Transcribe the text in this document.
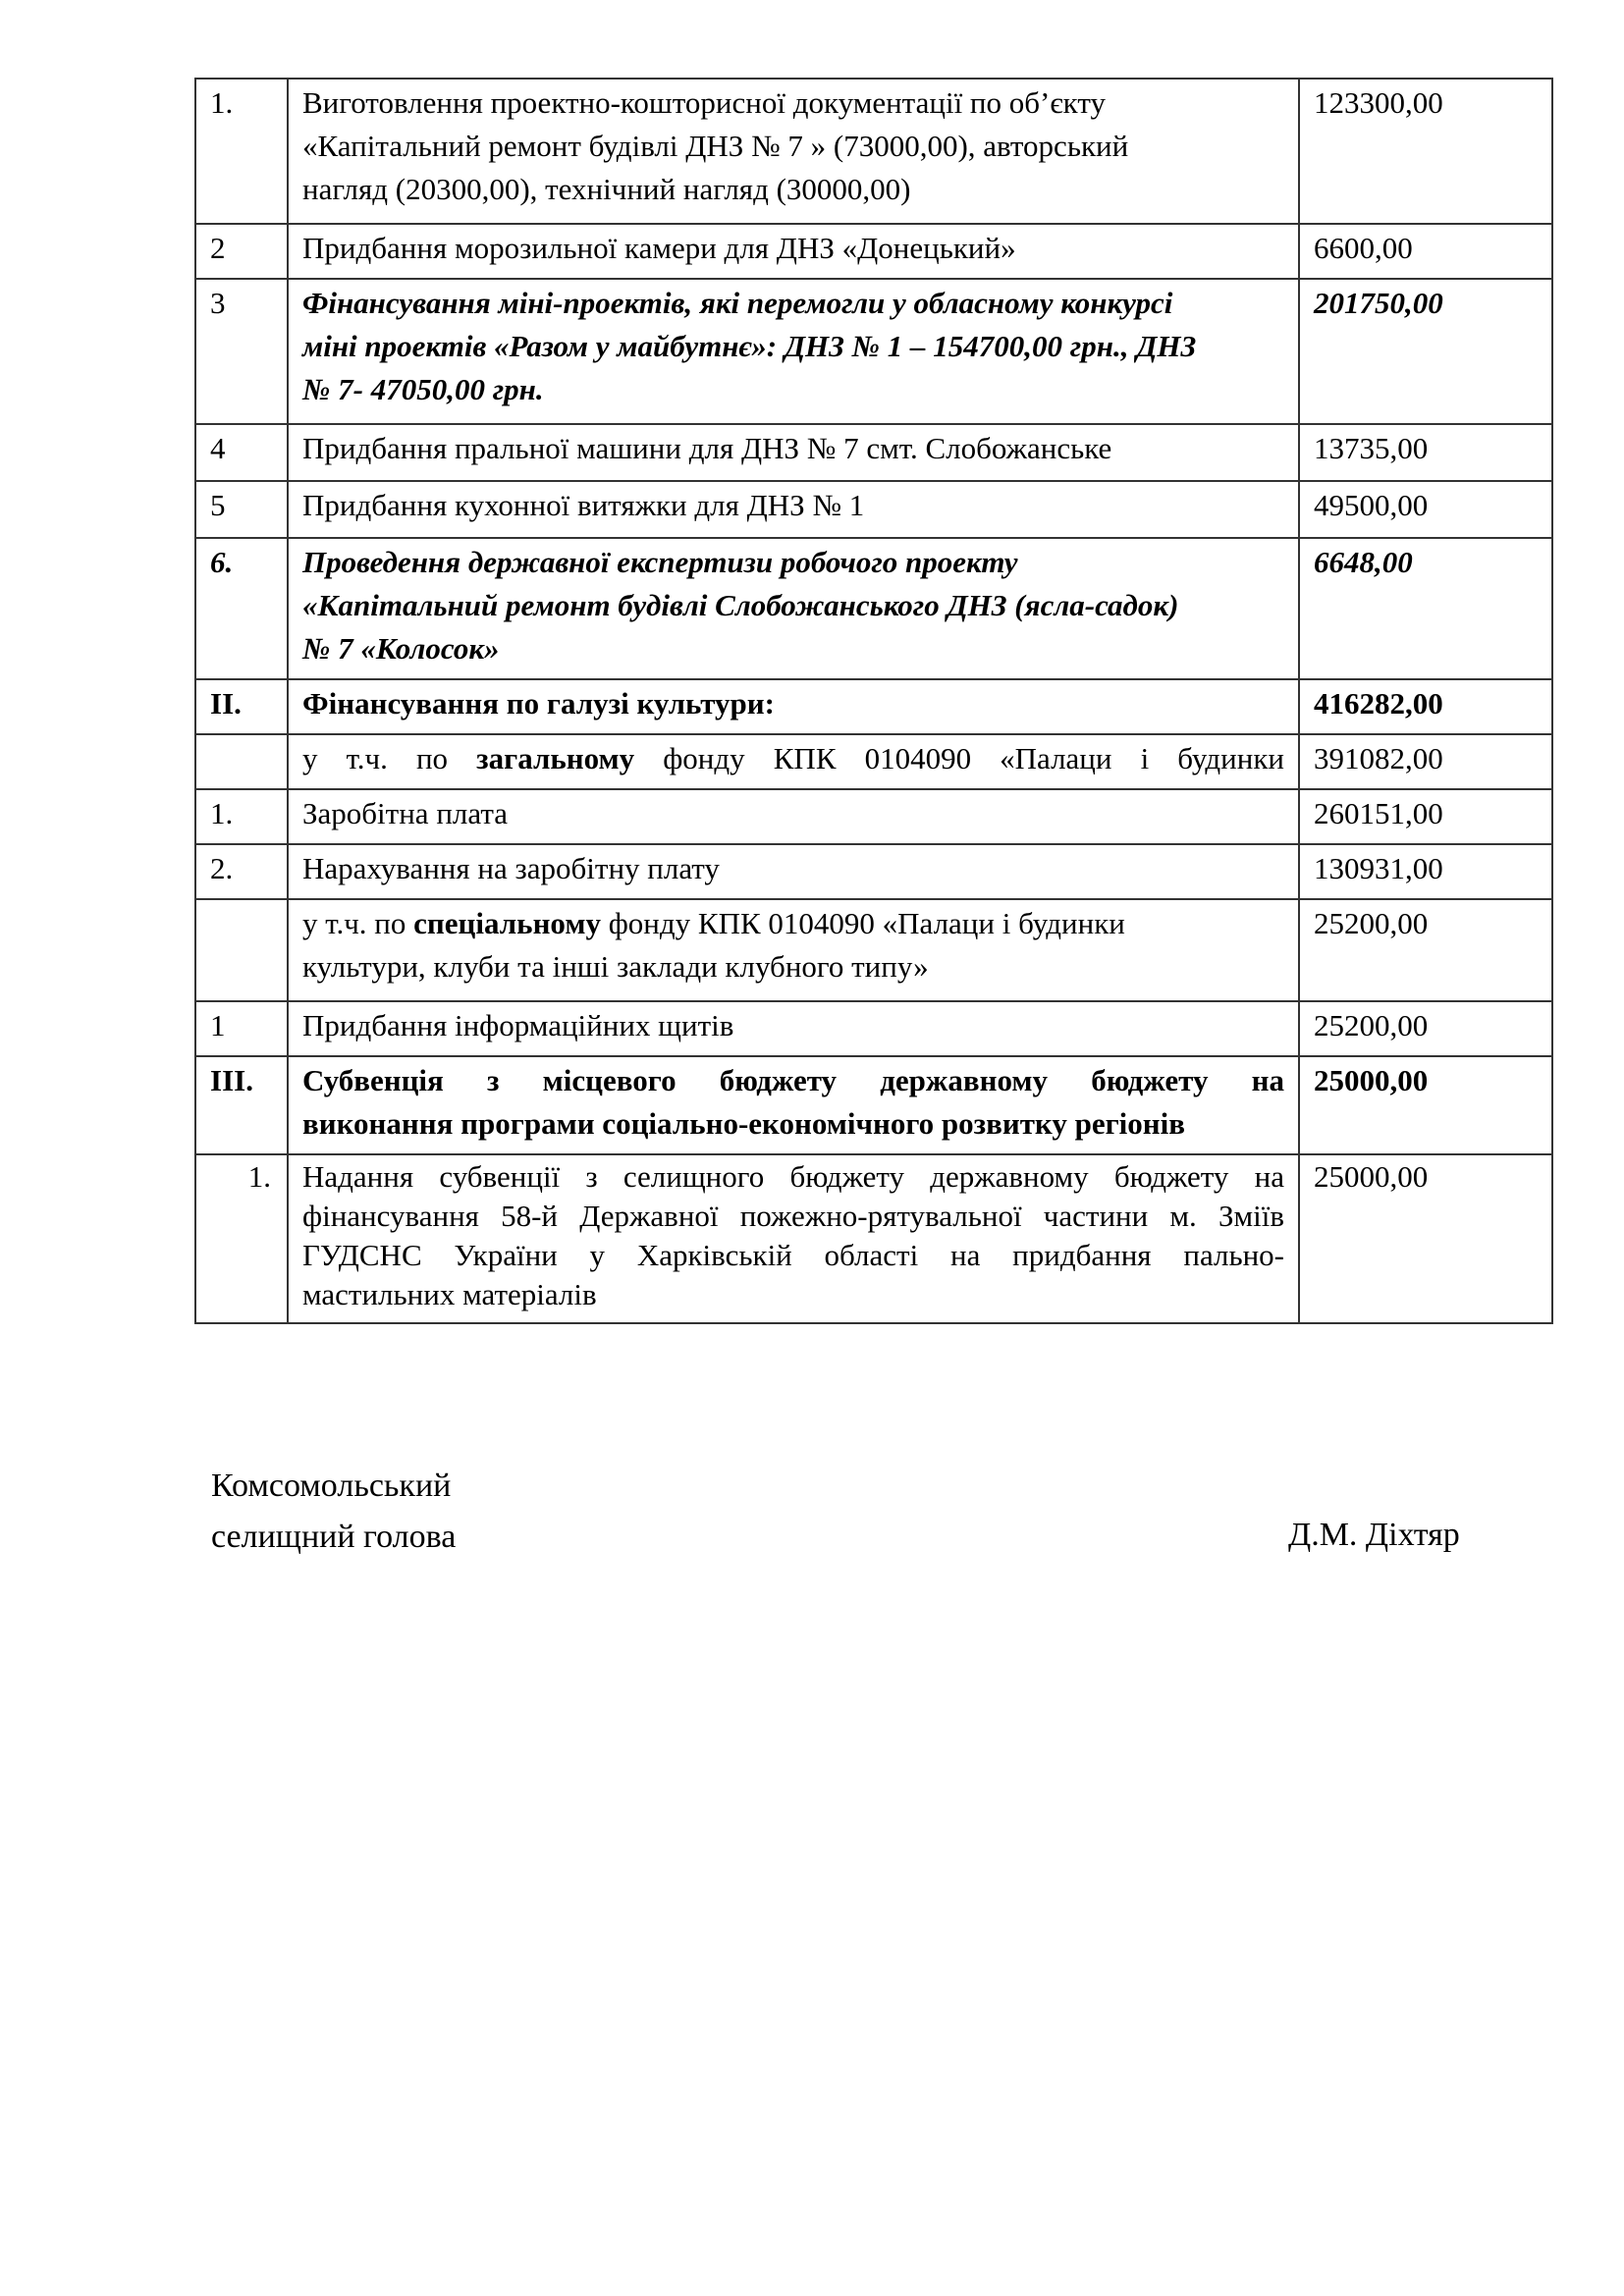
1.	Виготовлення проектно-кошторисної документації по об’єкту
«Капітальний ремонт будівлі ДНЗ № 7 » (73000,00), авторський
нагляд (20300,00), технічний нагляд (30000,00)	123300,00
2	Придбання морозильної камери для ДНЗ «Донецький»	6600,00
3	Фінансування міні-проектів, які перемогли у обласному конкурсі
міні проектів «Разом у майбутнє»: ДНЗ № 1 – 154700,00 грн., ДНЗ
№ 7- 47050,00 грн.	201750,00
4	Придбання пральної машини для ДНЗ № 7 смт. Слобожанське	13735,00
5	Придбання кухонної витяжки для ДНЗ № 1	49500,00
6.	Проведення державної експертизи робочого проекту
«Капітальний ремонт будівлі Слобожанського ДНЗ (ясла-садок)
№ 7 «Колосок»	6648,00
ІІ.	Фінансування по галузі культури:	416282,00
	у т.ч. по загальному фонду КПК 0104090 «Палаци і будинки	391082,00
1.	Заробітна плата	260151,00
2.	Нарахування на заробітну плату	130931,00

	у т.ч. по спеціальному фонду КПК 0104090 «Палаци і будинки
культури, клуби та інші заклади клубного типу»	25200,00
1	Придбання інформаційних щитів	25200,00
ІІІ.	Субвенція з місцевого бюджету державному бюджету на
виконання програми соціально-економічного розвитку регіонів	25000,00
1.	Надання субвенції з селищного бюджету державному бюджету на
фінансування 58-й Державної пожежно-рятувальної частини м. Зміїв
ГУДСНС України у Харківській області на придбання пально-
мастильних матеріалів	25000,00
Комсомольський
селищний голова	Д.М. Діхтяр
